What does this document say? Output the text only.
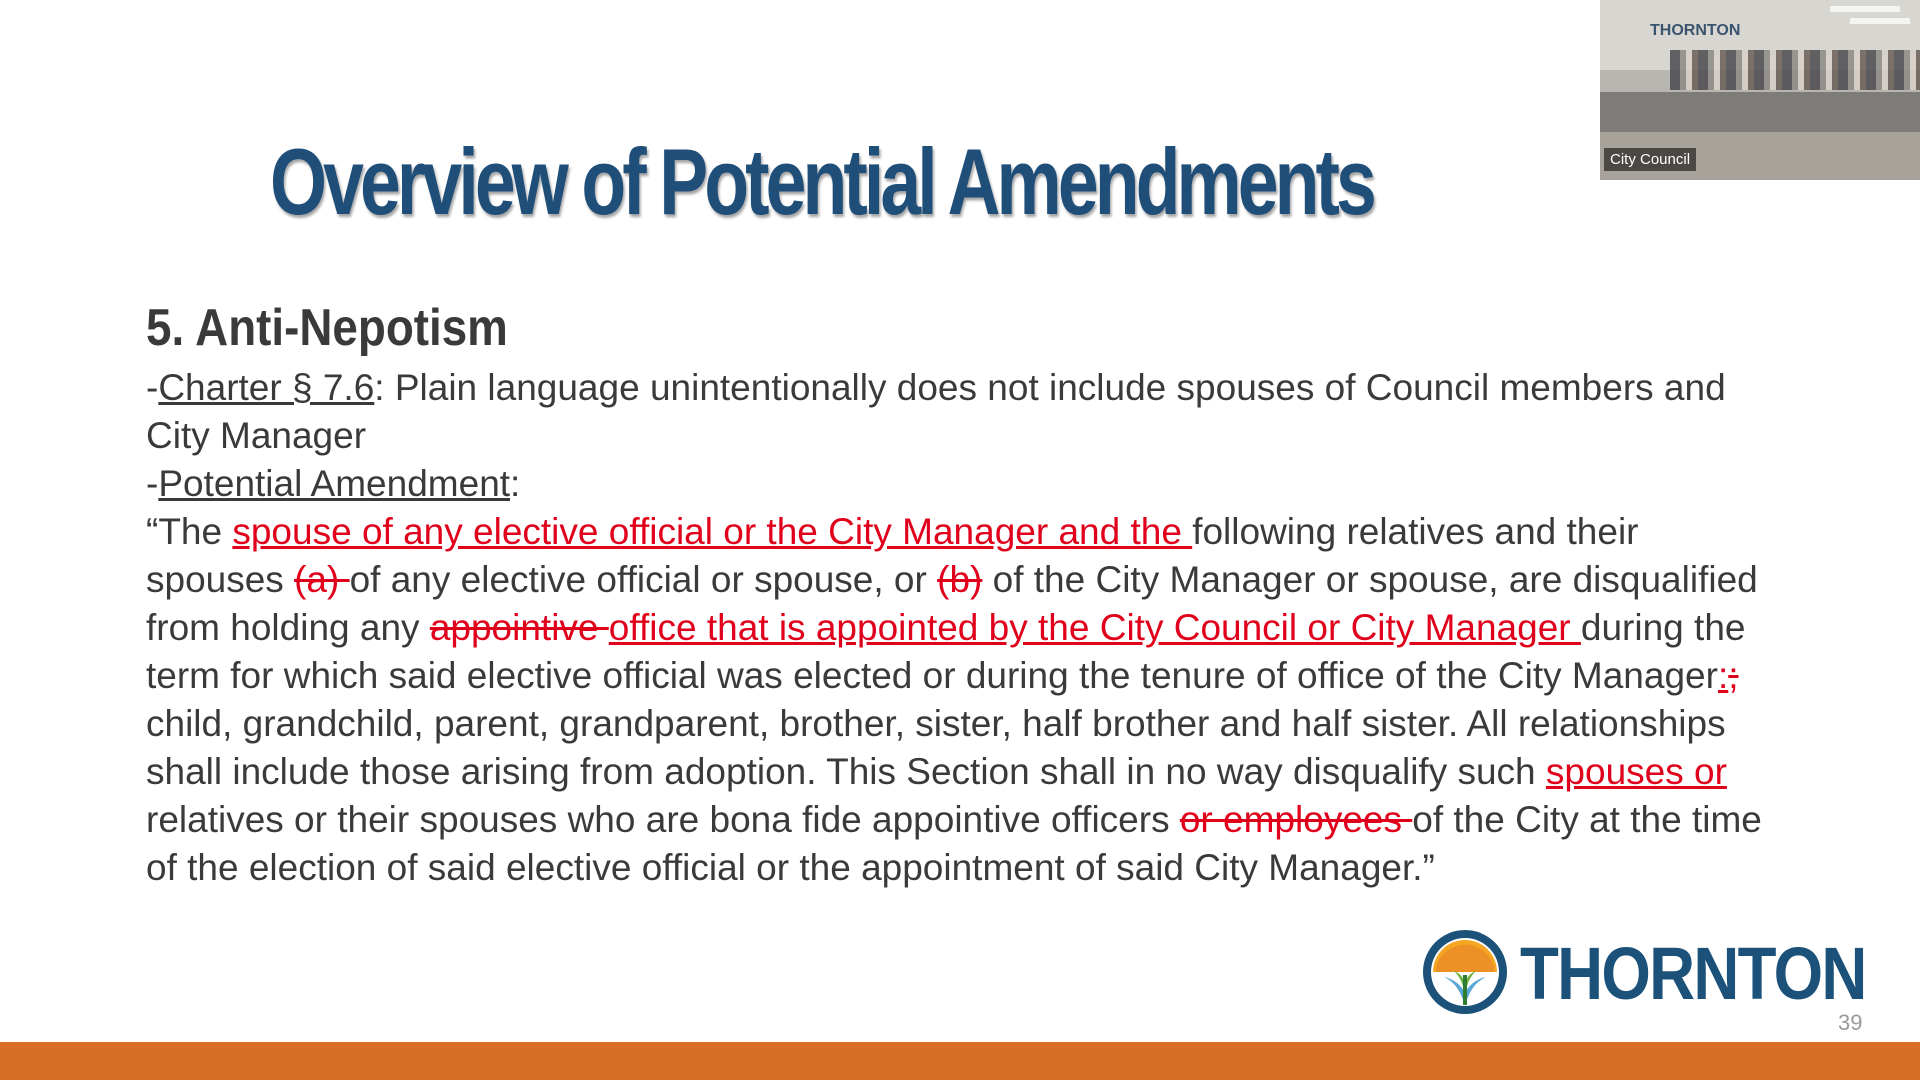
Overview of Potential Amendments
5. Anti-Nepotism

-Charter § 7.6: Plain language unintentionally does not include spouses of Council members and City Manager

-Potential Amendment:

“The spouse of any elective official or the City Manager and the following relatives and their spouses (a) of any elective official or spouse, or (b) of the City Manager or spouse, are disqualified from holding any appointive office that is appointed by the City Council or City Manager during the term for which said elective official was elected or during the tenure of office of the City Manager:; child, grandchild, parent, grandparent, brother, sister, half brother and half sister. All relationships shall include those arising from adoption. This Section shall in no way disqualify such spouses or relatives or their spouses who are bona fide appointive officers or employees of the City at the time of the election of said elective official or the appointment of said City Manager.”

THORNTON
City Council
THORNTON
39
